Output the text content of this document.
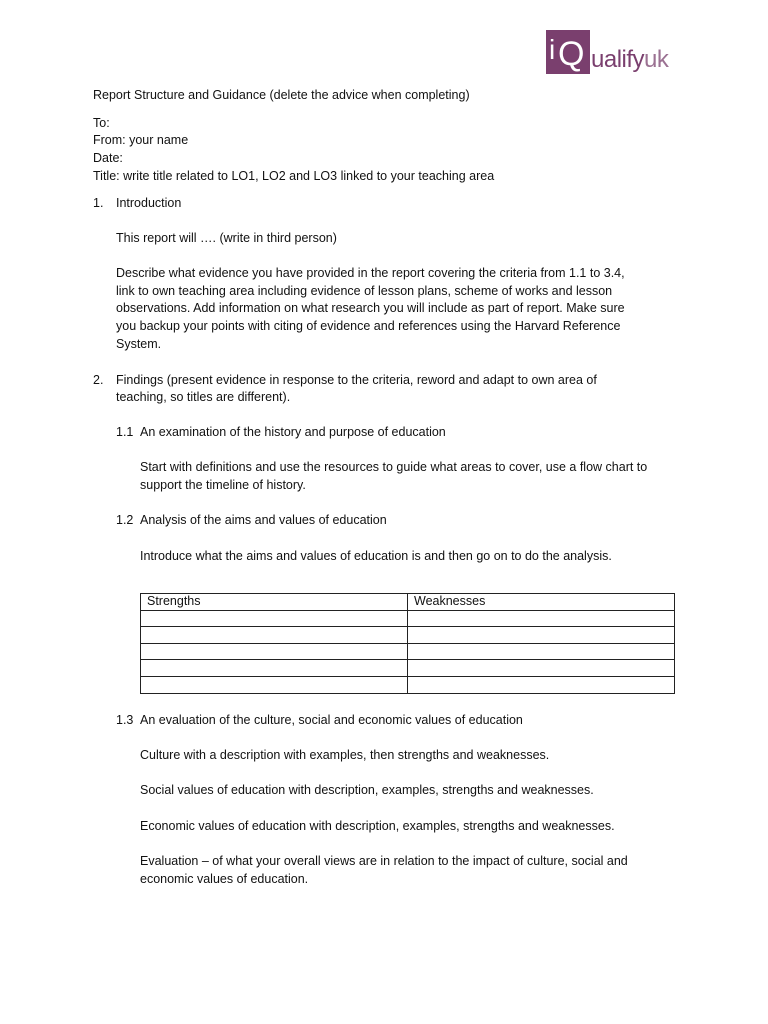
i Q ualifyuk
Report Structure and Guidance (delete the advice when completing)
To:
From: your name
Date:
Title: write title related to LO1, LO2 and LO3 linked to your teaching area
1. Introduction
This report will …. (write in third person)
Describe what evidence you have provided in the report covering the criteria from 1.1 to 3.4,
link to own teaching area including evidence of lesson plans, scheme of works and lesson
observations. Add information on what research you will include as part of report. Make sure
you backup your points with citing of evidence and references using the Harvard Reference
System.
2. Findings (present evidence in response to the criteria, reword and adapt to own area of
teaching, so titles are different).
1.1 An examination of the history and purpose of education
Start with definitions and use the resources to guide what areas to cover, use a flow chart to
support the timeline of history.
1.2 Analysis of the aims and values of education
Introduce what the aims and values of education is and then go on to do the analysis.
Strengths	Weaknesses

1.3 An evaluation of the culture, social and economic values of education
Culture with a description with examples, then strengths and weaknesses.
Social values of education with description, examples, strengths and weaknesses.
Economic values of education with description, examples, strengths and weaknesses.
Evaluation – of what your overall views are in relation to the impact of culture, social and
economic values of education.
